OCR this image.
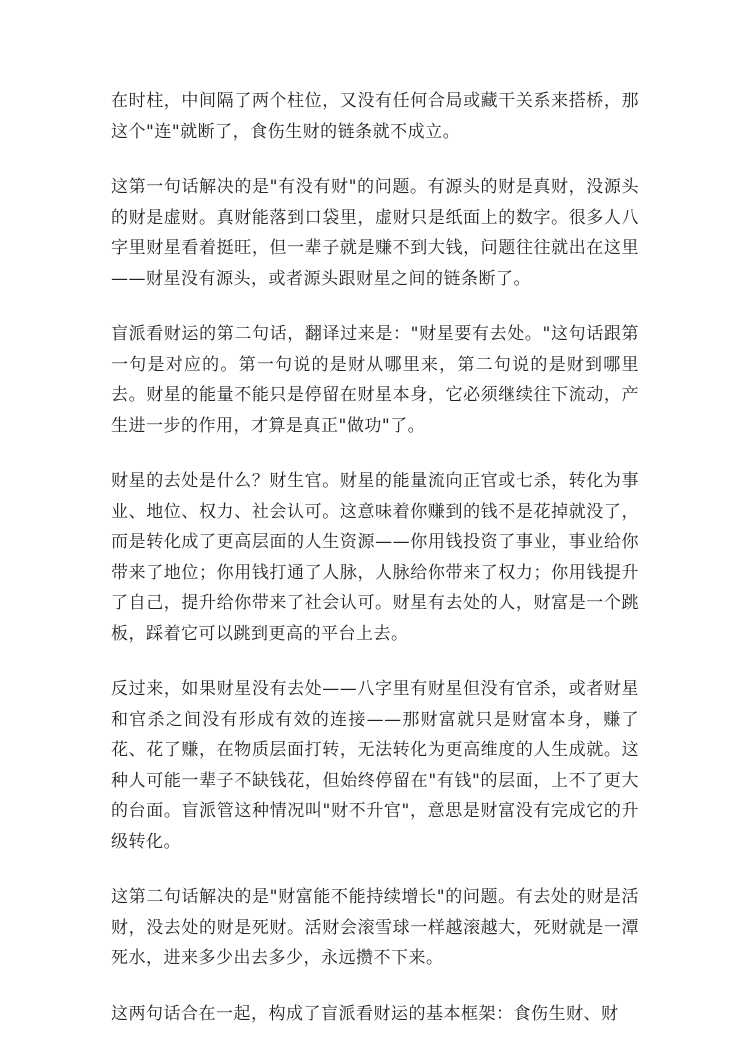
在时柱，中间隔了两个柱位，又没有任何合局或藏干关系来搭桥，那这个"连"就断了，食伤生财的链条就不成立。

这第一句话解决的是"有没有财"的问题。有源头的财是真财，没源头的财是虚财。真财能落到口袋里，虚财只是纸面上的数字。很多人八字里财星看着挺旺，但一辈子就是赚不到大钱，问题往往就出在这里——财星没有源头，或者源头跟财星之间的链条断了。

盲派看财运的第二句话，翻译过来是："财星要有去处。"这句话跟第一句是对应的。第一句说的是财从哪里来，第二句说的是财到哪里去。财星的能量不能只是停留在财星本身，它必须继续往下流动，产生进一步的作用，才算是真正"做功"了。

财星的去处是什么？财生官。财星的能量流向正官或七杀，转化为事业、地位、权力、社会认可。这意味着你赚到的钱不是花掉就没了，而是转化成了更高层面的人生资源——你用钱投资了事业，事业给你带来了地位；你用钱打通了人脉，人脉给你带来了权力；你用钱提升了自己，提升给你带来了社会认可。财星有去处的人，财富是一个跳板，踩着它可以跳到更高的平台上去。

反过来，如果财星没有去处——八字里有财星但没有官杀，或者财星和官杀之间没有形成有效的连接——那财富就只是财富本身，赚了花、花了赚，在物质层面打转，无法转化为更高维度的人生成就。这种人可能一辈子不缺钱花，但始终停留在"有钱"的层面，上不了更大的台面。盲派管这种情况叫"财不升官"，意思是财富没有完成它的升级转化。

这第二句话解决的是"财富能不能持续增长"的问题。有去处的财是活财，没去处的财是死财。活财会滚雪球一样越滚越大，死财就是一潭死水，进来多少出去多少，永远攒不下来。

这两句话合在一起，构成了盲派看财运的基本框架：食伤生财、财
